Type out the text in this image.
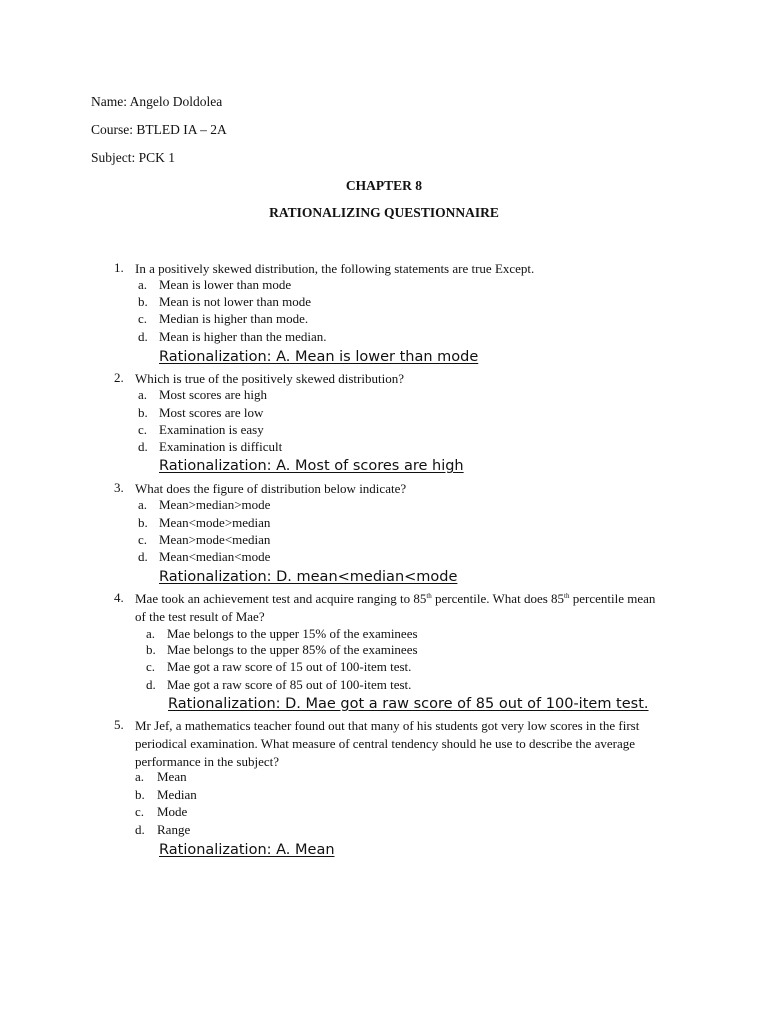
Name: Angelo Doldolea
Course: BTLED IA – 2A
Subject: PCK 1
CHAPTER 8
RATIONALIZING QUESTIONNAIRE
1. In a positively skewed distribution, the following statements are true Except.
a. Mean is lower than mode
b. Mean is not lower than mode
c. Median is higher than mode.
d. Mean is higher than the median.
Rationalization: A. Mean is lower than mode
2. Which is true of the positively skewed distribution?
a. Most scores are high
b. Most scores are low
c. Examination is easy
d. Examination is difficult
Rationalization: A. Most of scores are high
3. What does the figure of distribution below indicate?
a. Mean>median>mode
b. Mean<mode>median
c. Mean>mode<median
d. Mean<median<mode
Rationalization: D. mean<median<mode
4. Mae took an achievement test and acquire ranging to 85th percentile. What does 85th percentile mean of the test result of Mae?
a. Mae belongs to the upper 15% of the examinees
b. Mae belongs to the upper 85% of the examinees
c. Mae got a raw score of 15 out of 100-item test.
d. Mae got a raw score of 85 out of 100-item test.
Rationalization: D. Mae got a raw score of 85 out of 100-item test.
5. Mr Jef, a mathematics teacher found out that many of his students got very low scores in the first periodical examination. What measure of central tendency should he use to describe the average performance in the subject?
a. Mean
b. Median
c. Mode
d. Range
Rationalization: A. Mean
